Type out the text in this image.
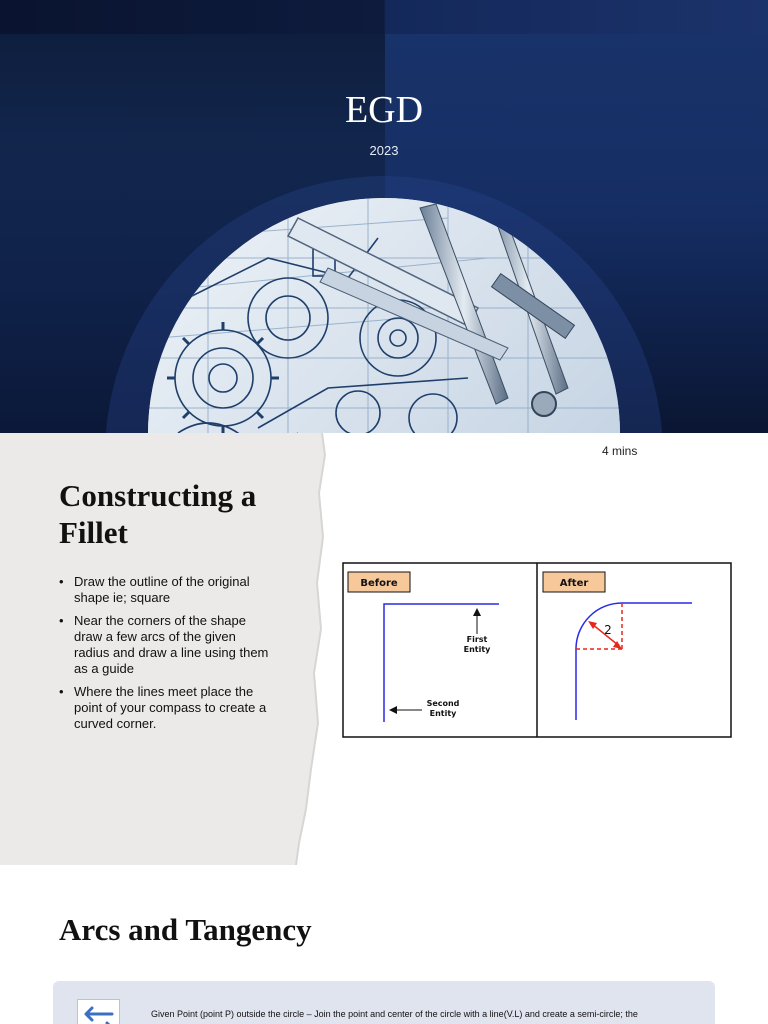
EGD
2023
4 mins
Constructing a Fillet
• Draw the outline of the original shape ie; square
• Near the corners of the shape draw a few arcs of the given radius and draw a line using them as a guide
• Where the lines meet place the point of your compass to create a curved corner.
Before
First
Entity
Second
Entity
After
2
Arcs and Tangency
Given Point (point P) outside the circle – Join the point and center of the circle with a line(V.L) and create a semi-circle; the
